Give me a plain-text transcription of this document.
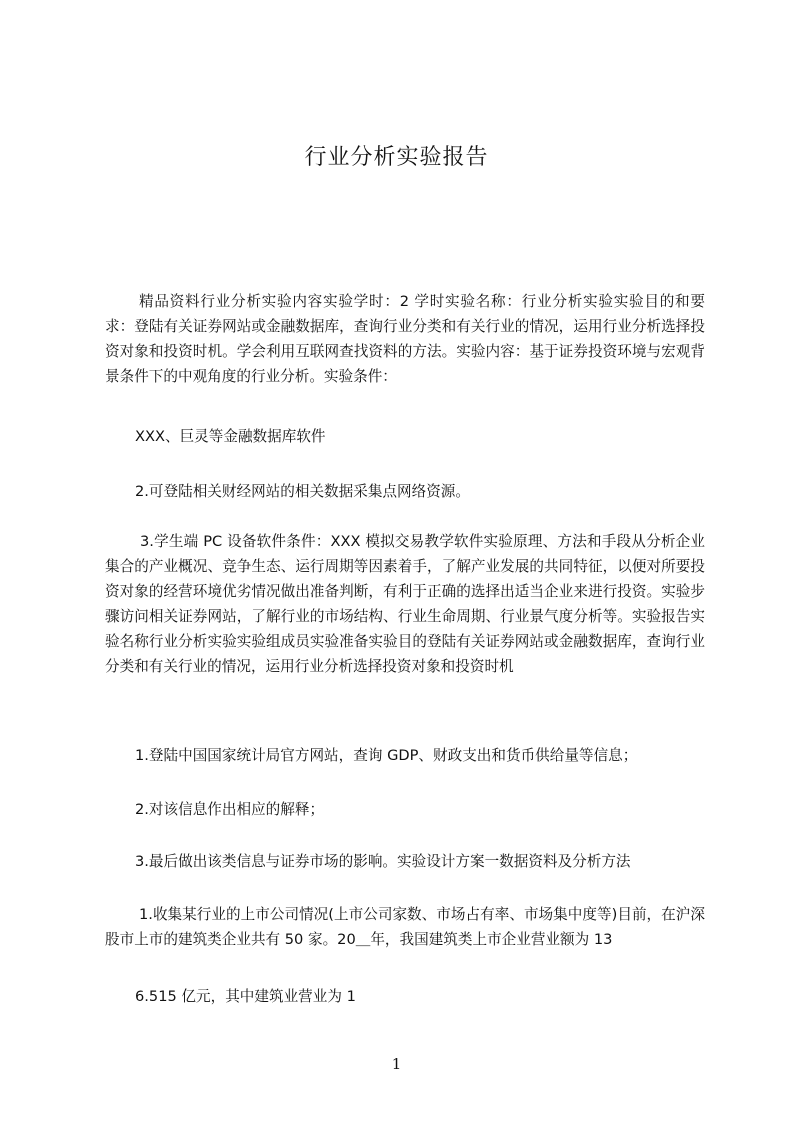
行业分析实验报告

精品资料行业分析实验内容实验学时：2 学时实验名称：行业分析实验实验目的和要求：登陆有关证券网站或金融数据库，查询行业分类和有关行业的情况，运用行业分析选择投资对象和投资时机。学会利用互联网查找资料的方法。实验内容：基于证券投资环境与宏观背景条件下的中观角度的行业分析。实验条件：

XXX、巨灵等金融数据库软件

2.可登陆相关财经网站的相关数据采集点网络资源。

3.学生端 PC 设备软件条件：XXX 模拟交易教学软件实验原理、方法和手段从分析企业集合的产业概况、竞争生态、运行周期等因素着手，了解产业发展的共同特征，以便对所要投资对象的经营环境优劣情况做出准备判断，有利于正确的选择出适当企业来进行投资。实验步骤访问相关证券网站，了解行业的市场结构、行业生命周期、行业景气度分析等。实验报告实验名称行业分析实验实验组成员实验准备实验目的登陆有关证券网站或金融数据库，查询行业分类和有关行业的情况，运用行业分析选择投资对象和投资时机

1.登陆中国国家统计局官方网站，查询 GDP、财政支出和货币供给量等信息；

2.对该信息作出相应的解释；

3.最后做出该类信息与证券市场的影响。实验设计方案一数据资料及分析方法

1.收集某行业的上市公司情况(上市公司家数、市场占有率、市场集中度等)目前，在沪深股市上市的建筑类企业共有 50 家。20＿年，我国建筑类上市企业营业额为 13

6.515 亿元，其中建筑业营业为 1

1
